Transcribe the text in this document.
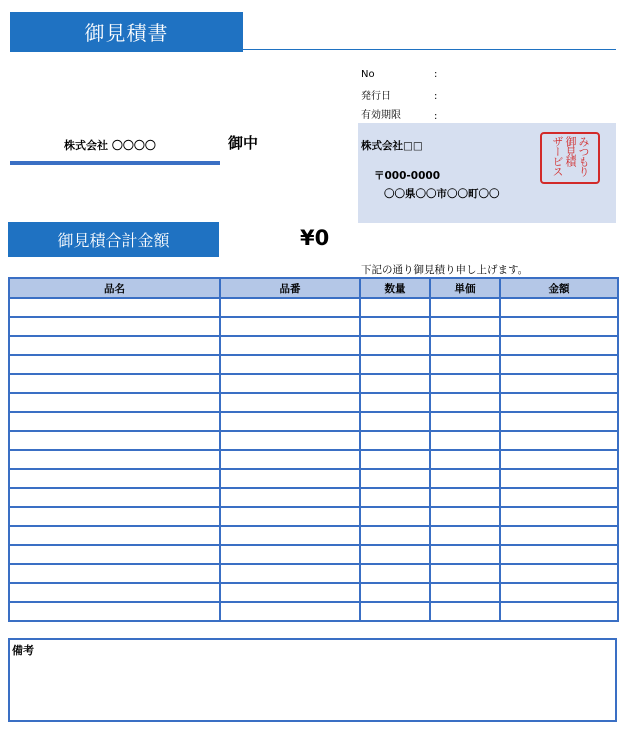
御見積書
No	:
発行日	:
有効期限	:
株式会社 〇〇〇〇	御中	株式会社□□
〒000-0000
〇〇県〇〇市〇〇町〇〇
みつもり
御見積
ザービス
御見積合計金額	¥0
下記の通り御見積り申し上げます。
品名	品番	数量	単価	金額

備考
